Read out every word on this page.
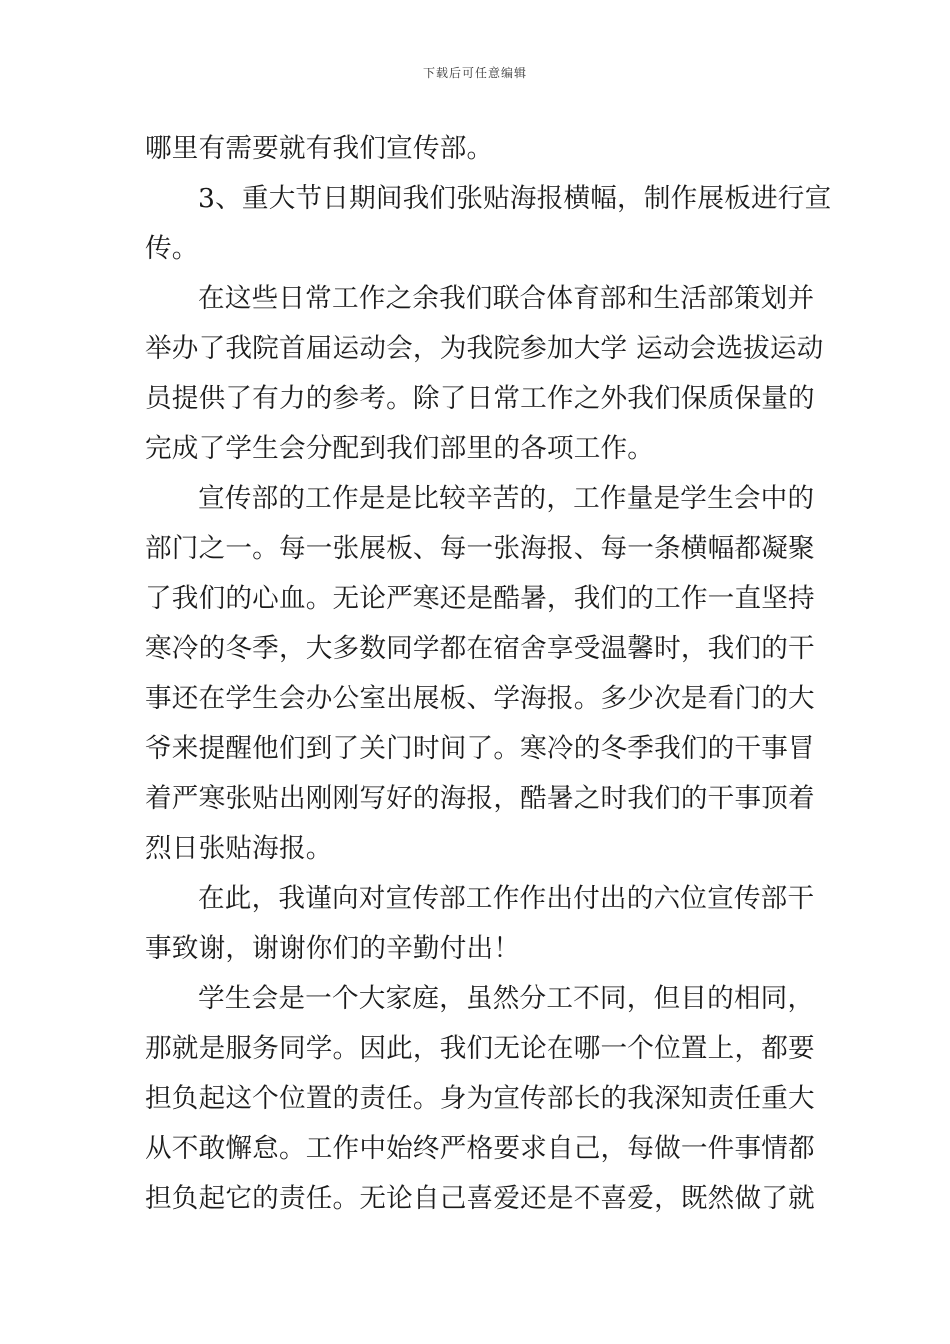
下载后可任意编辑
哪里有需要就有我们宣传部。
3、重大节日期间我们张贴海报横幅，制作展板进行宣
传。
在这些日常工作之余我们联合体育部和生活部策划并
举办了我院首届运动会，为我院参加大学 运动会选拔运动
员提供了有力的参考。除了日常工作之外我们保质保量的
完成了学生会分配到我们部里的各项工作。
宣传部的工作是是比较辛苦的，工作量是学生会中的
部门之一。每一张展板、每一张海报、每一条横幅都凝聚
了我们的心血。无论严寒还是酷暑，我们的工作一直坚持
寒冷的冬季，大多数同学都在宿舍享受温馨时，我们的干
事还在学生会办公室出展板、学海报。多少次是看门的大
爷来提醒他们到了关门时间了。寒冷的冬季我们的干事冒
着严寒张贴出刚刚写好的海报，酷暑之时我们的干事顶着
烈日张贴海报。
在此，我谨向对宣传部工作作出付出的六位宣传部干
事致谢，谢谢你们的辛勤付出！
学生会是一个大家庭，虽然分工不同，但目的相同，
那就是服务同学。因此，我们无论在哪一个位置上，都要
担负起这个位置的责任。身为宣传部长的我深知责任重大
从不敢懈怠。工作中始终严格要求自己，每做一件事情都
担负起它的责任。无论自己喜爱还是不喜爱，既然做了就
